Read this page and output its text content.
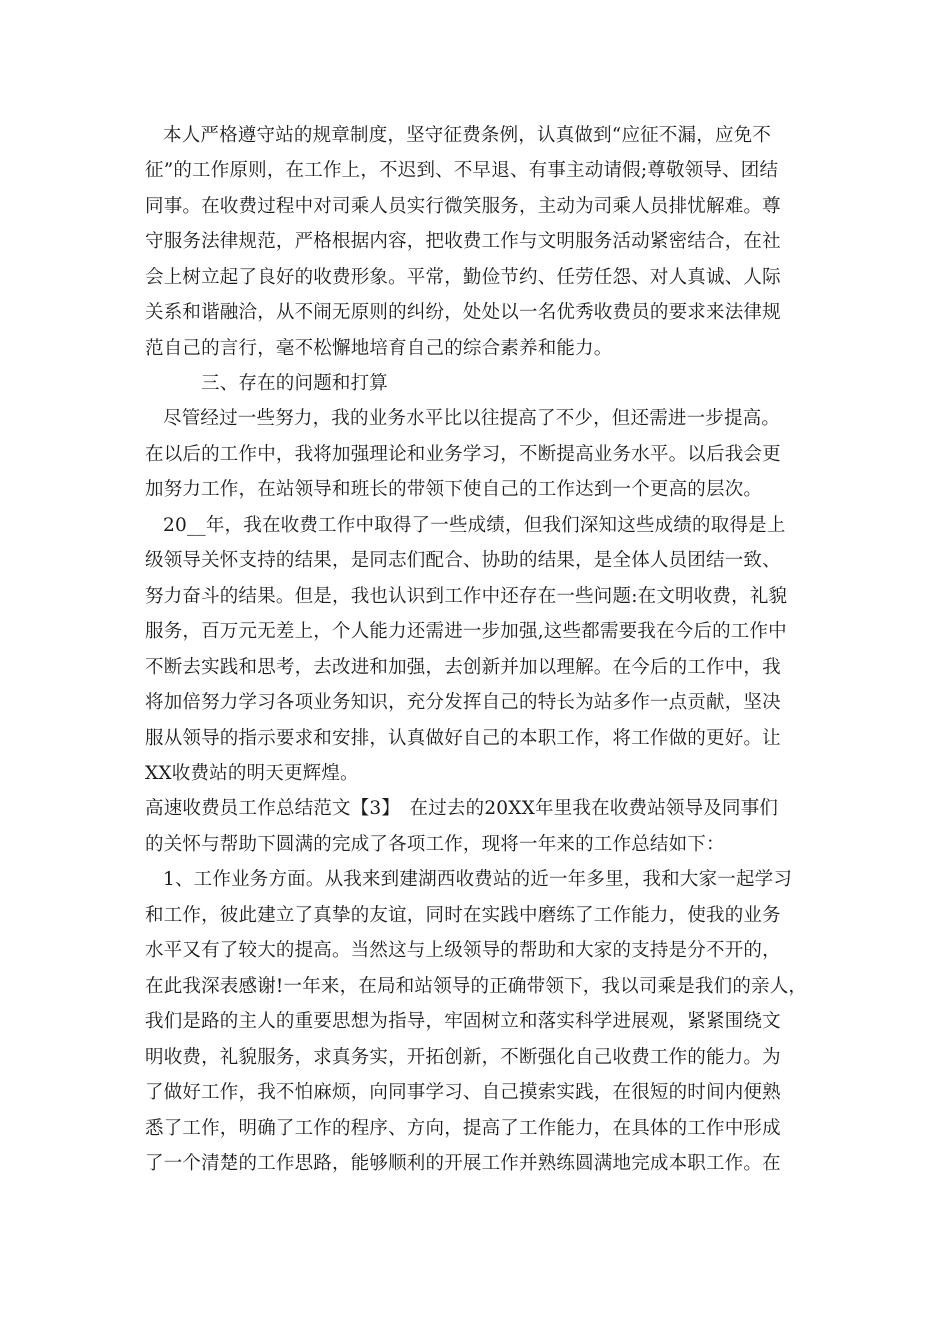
本人严格遵守站的规章制度，坚守征费条例，认真做到“应征不漏，应免不
征”的工作原则，在工作上，不迟到、不早退、有事主动请假;尊敬领导、团结
同事。在收费过程中对司乘人员实行微笑服务，主动为司乘人员排忧解难。尊
守服务法律规范，严格根据内容，把收费工作与文明服务活动紧密结合，在社
会上树立起了良好的收费形象。平常，勤俭节约、任劳任怨、对人真诚、人际
关系和谐融洽，从不闹无原则的纠纷，处处以一名优秀收费员的要求来法律规
范自己的言行，毫不松懈地培育自己的综合素养和能力。
三、存在的问题和打算
尽管经过一些努力，我的业务水平比以往提高了不少，但还需进一步提高。
在以后的工作中，我将加强理论和业务学习，不断提高业务水平。以后我会更
加努力工作，在站领导和班长的带领下使自己的工作达到一个更高的层次。
20__年，我在收费工作中取得了一些成绩，但我们深知这些成绩的取得是上
级领导关怀支持的结果，是同志们配合、协助的结果，是全体人员团结一致、
努力奋斗的结果。但是，我也认识到工作中还存在一些问题:在文明收费，礼貌
服务，百万元无差上，个人能力还需进一步加强,这些都需要我在今后的工作中
不断去实践和思考，去改进和加强，去创新并加以理解。在今后的工作中，我
将加倍努力学习各项业务知识，充分发挥自己的特长为站多作一点贡献，坚决
服从领导的指示要求和安排，认真做好自己的本职工作，将工作做的更好。让
XX收费站的明天更辉煌。
高速收费员工作总结范文【3】　在过去的20XX年里我在收费站领导及同事们
的关怀与帮助下圆满的完成了各项工作，现将一年来的工作总结如下：
1、工作业务方面。从我来到建湖西收费站的近一年多里，我和大家一起学习
和工作，彼此建立了真挚的友谊，同时在实践中磨练了工作能力，使我的业务
水平又有了较大的提高。当然这与上级领导的帮助和大家的支持是分不开的，
在此我深表感谢!一年来，在局和站领导的正确带领下，我以司乘是我们的亲人，
我们是路的主人的重要思想为指导，牢固树立和落实科学进展观，紧紧围绕文
明收费，礼貌服务，求真务实，开拓创新，不断强化自己收费工作的能力。为
了做好工作，我不怕麻烦，向同事学习、自己摸索实践，在很短的时间内便熟
悉了工作，明确了工作的程序、方向，提高了工作能力，在具体的工作中形成
了一个清楚的工作思路，能够顺利的开展工作并熟练圆满地完成本职工作。在
